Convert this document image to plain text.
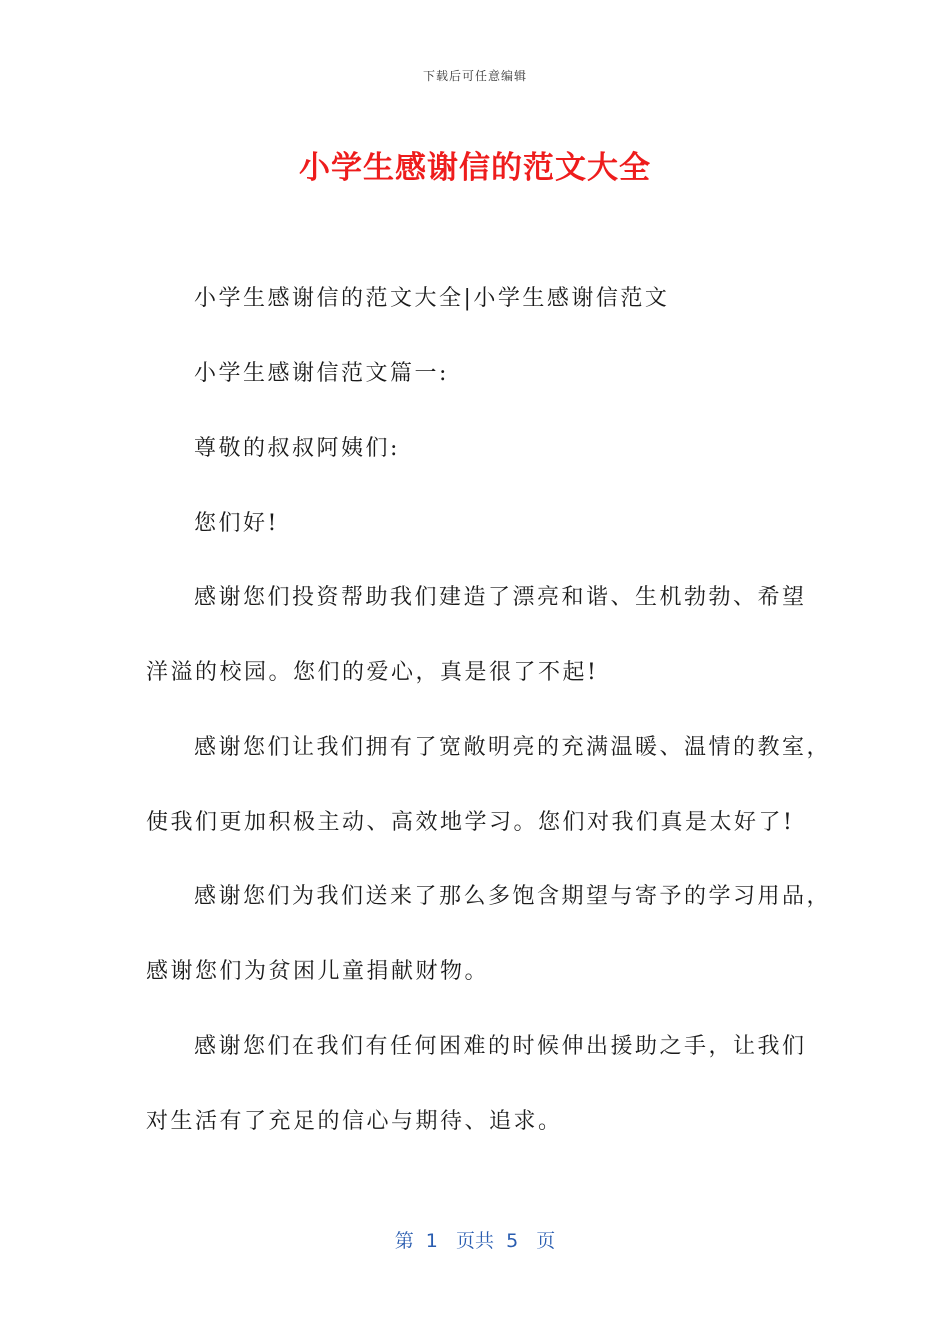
下载后可任意编辑
小学生感谢信的范文大全
小学生感谢信的范文大全|小学生感谢信范文
小学生感谢信范文篇一:
尊敬的叔叔阿姨们:
您们好!
感谢您们投资帮助我们建造了漂亮和谐、生机勃勃、希望
洋溢的校园。您们的爱心，真是很了不起!
感谢您们让我们拥有了宽敞明亮的充满温暖、温情的教室，
使我们更加积极主动、高效地学习。您们对我们真是太好了!
感谢您们为我们送来了那么多饱含期望与寄予的学习用品，
感谢您们为贫困儿童捐献财物。
感谢您们在我们有任何困难的时候伸出援助之手，让我们
对生活有了充足的信心与期待、追求。
第  1   页共  5   页
